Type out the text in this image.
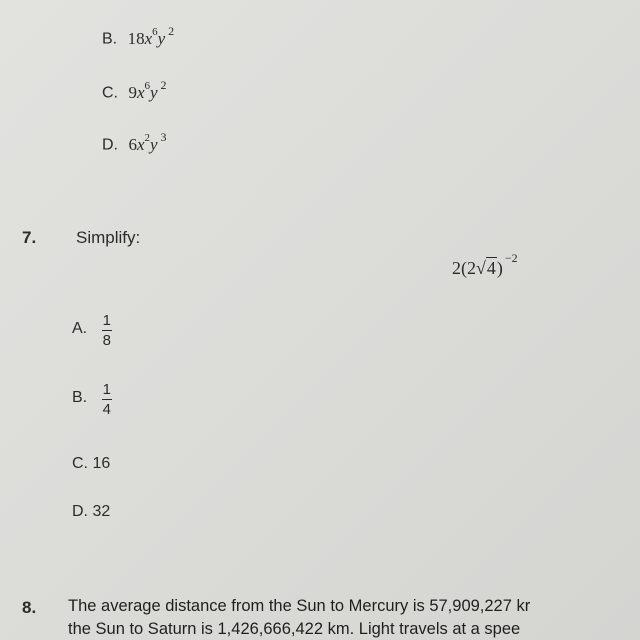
B. $18x^6y$ $^2$
C. $9x^6y$ $^2$
D. $6x^2y$ $^3$
7. Simplify:
2(2√4) $^{-2}$
A. $\frac{1}{8}$
B. $\frac{1}{4}$
C. 16
D. 32
8. The average distance from the Sun to Mercury is 57,909,227 kr
the Sun to Saturn is 1,426,666,422 km. Light travels at a spee
